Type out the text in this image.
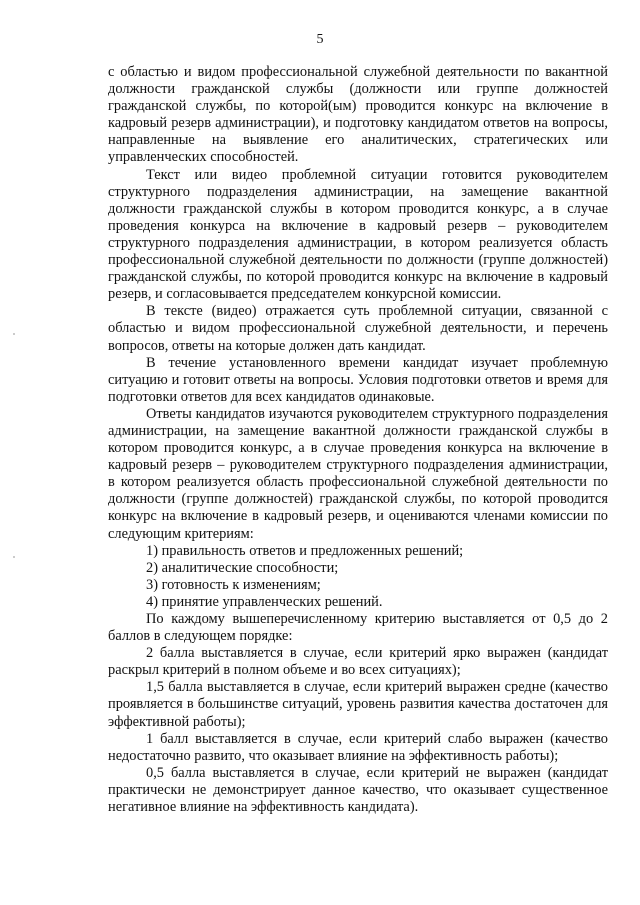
5

с областью и видом профессиональной служебной деятельности по вакантной должности гражданской службы (должности или группе должностей гражданской службы, по которой(ым) проводится конкурс на включение в кадровый резерв администрации), и подготовку кандидатом ответов на вопросы, направленные на выявление его аналитических, стратегических или управленческих способностей.

Текст или видео проблемной ситуации готовится руководителем структурного подразделения администрации, на замещение вакантной должности гражданской службы в котором проводится конкурс, а в случае проведения конкурса на включение в кадровый резерв – руководителем структурного подразделения администрации, в котором реализуется область профессиональной служебной деятельности по должности (группе должностей) гражданской службы, по которой проводится конкурс на включение в кадровый резерв, и согласовывается председателем конкурсной комиссии.

В тексте (видео) отражается суть проблемной ситуации, связанной с областью и видом профессиональной служебной деятельности, и перечень вопросов, ответы на которые должен дать кандидат.

В течение установленного времени кандидат изучает проблемную ситуацию и готовит ответы на вопросы. Условия подготовки ответов и время для подготовки ответов для всех кандидатов одинаковые.

Ответы кандидатов изучаются руководителем структурного подразделения администрации, на замещение вакантной должности гражданской службы в котором проводится конкурс, а в случае проведения конкурса на включение в кадровый резерв – руководителем структурного подразделения администрации, в котором реализуется область профессиональной служебной деятельности по должности (группе должностей) гражданской службы, по которой проводится конкурс на включение в кадровый резерв, и оцениваются членами комиссии по следующим критериям:

1) правильность ответов и предложенных решений;

2) аналитические способности;

3) готовность к изменениям;

4) принятие управленческих решений.

По каждому вышеперечисленному критерию выставляется от 0,5 до 2 баллов в следующем порядке:

2 балла выставляется в случае, если критерий ярко выражен (кандидат раскрыл критерий в полном объеме и во всех ситуациях);

1,5 балла выставляется в случае, если критерий выражен средне (качество проявляется в большинстве ситуаций, уровень развития качества достаточен для эффективной работы);

1 балл выставляется в случае, если критерий слабо выражен (качество недостаточно развито, что оказывает влияние на эффективность работы);

0,5 балла выставляется в случае, если критерий не выражен (кандидат практически не демонстрирует данное качество, что оказывает существенное негативное влияние на эффективность кандидата).
